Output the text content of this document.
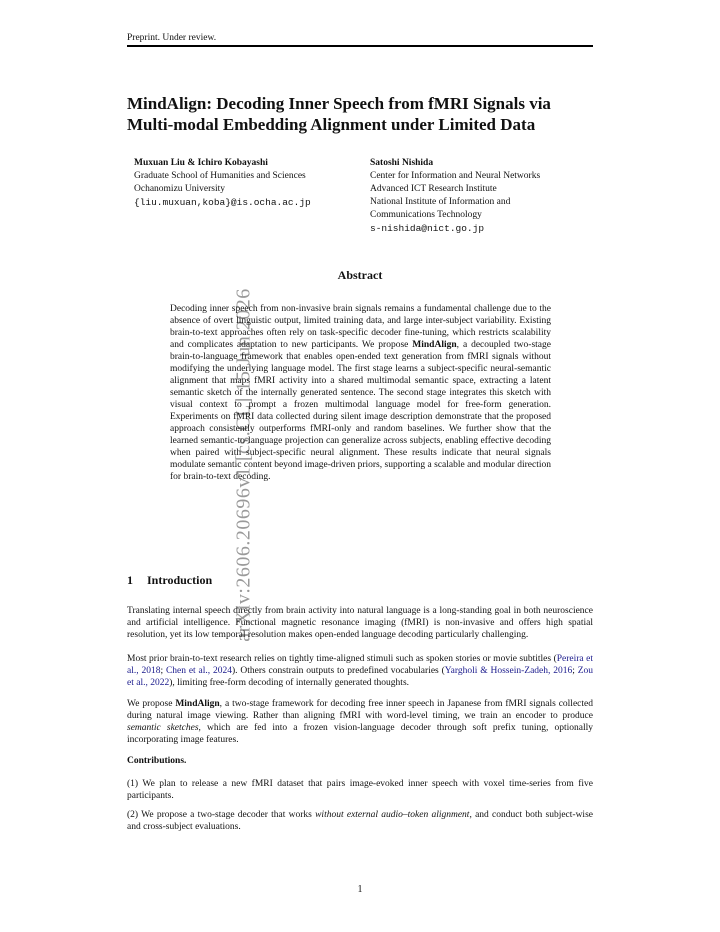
Preprint. Under review.
arXiv:2606.20696v1 [cs.CL] 15 Jun 2026
MindAlign: Decoding Inner Speech from fMRI Signals via Multi-modal Embedding Alignment under Limited Data
Muxuan Liu & Ichiro Kobayashi
Graduate School of Humanities and Sciences
Ochanomizu University
{liu.muxuan,koba}@is.ocha.ac.jp
Satoshi Nishida
Center for Information and Neural Networks
Advanced ICT Research Institute
National Institute of Information and
Communications Technology
s-nishida@nict.go.jp
Abstract
Decoding inner speech from non-invasive brain signals remains a fundamental challenge due to the absence of overt linguistic output, limited training data, and large inter-subject variability. Existing brain-to-text approaches often rely on task-specific decoder fine-tuning, which restricts scalability and complicates adaptation to new participants. We propose MindAlign, a decoupled two-stage brain-to-language framework that enables open-ended text generation from fMRI signals without modifying the underlying language model. The first stage learns a subject-specific neural-semantic alignment that maps fMRI activity into a shared multimodal semantic space, extracting a latent semantic sketch of the internally generated sentence. The second stage integrates this sketch with visual context to prompt a frozen multimodal language model for free-form generation. Experiments on fMRI data collected during silent image description demonstrate that the proposed approach consistently outperforms fMRI-only and random baselines. We further show that the learned semantic-to-language projection can generalize across subjects, enabling effective decoding when paired with subject-specific neural alignment. These results indicate that neural signals modulate semantic content beyond image-driven priors, supporting a scalable and modular direction for brain-to-text decoding.
1 Introduction
Translating internal speech directly from brain activity into natural language is a long-standing goal in both neuroscience and artificial intelligence. Functional magnetic resonance imaging (fMRI) is non-invasive and offers high spatial resolution, yet its low temporal resolution makes open-ended language decoding particularly challenging.
Most prior brain-to-text research relies on tightly time-aligned stimuli such as spoken stories or movie subtitles (Pereira et al., 2018; Chen et al., 2024). Others constrain outputs to predefined vocabularies (Yargholi & Hossein-Zadeh, 2016; Zou et al., 2022), limiting free-form decoding of internally generated thoughts.
We propose MindAlign, a two-stage framework for decoding free inner speech in Japanese from fMRI signals collected during natural image viewing. Rather than aligning fMRI with word-level timing, we train an encoder to produce semantic sketches, which are fed into a frozen vision-language decoder through soft prefix tuning, optionally incorporating image features.
Contributions.
(1) We plan to release a new fMRI dataset that pairs image-evoked inner speech with voxel time-series from five participants.
(2) We propose a two-stage decoder that works without external audio–token alignment, and conduct both subject-wise and cross-subject evaluations.
1
